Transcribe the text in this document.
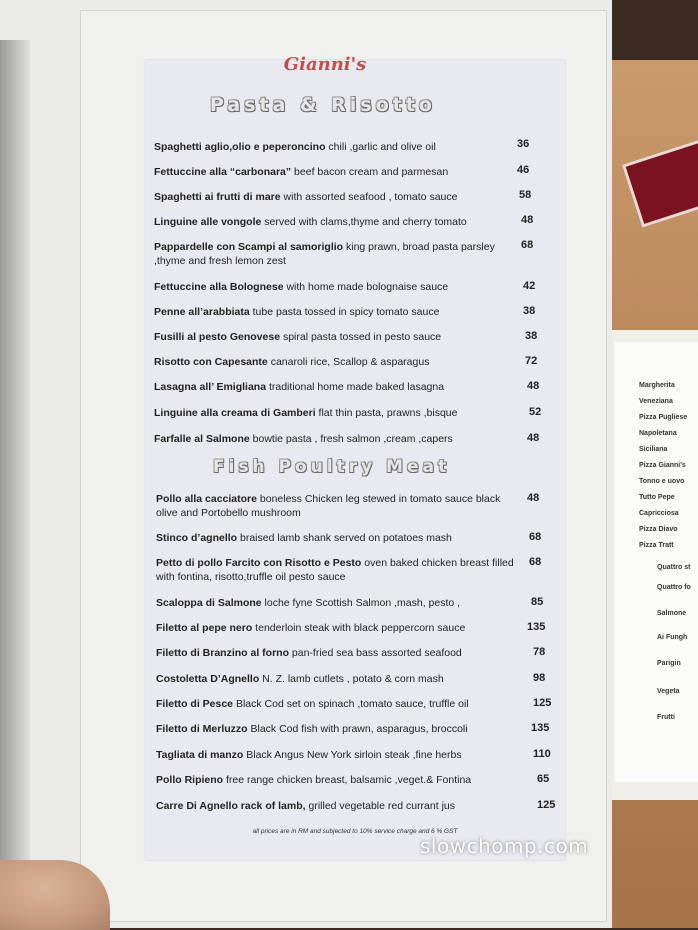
Margherita
Veneziana
Pizza Pugliese
Napoletana
Siciliana
Pizza Gianni's
Tonno e uovo
Tutto Pepe
Capricciosa
Pizza Diavo
Pizza Tratt
Quattro st
Quattro fo
Salmone
Ai Fungh
Parigin
Vegeta
Frutti
Gianni's
Pasta & Risotto
Spaghetti aglio,olio e peperoncino chili ,garlic and olive oil	36
Fettuccine alla “carbonara” beef bacon cream and parmesan	46
Spaghetti ai frutti di mare with assorted seafood , tomato sauce	58
Linguine alle vongole served with clams,thyme and cherry tomato	48
Pappardelle con Scampi al samoriglio king prawn, broad pasta parsley ,thyme and fresh lemon zest
68
Fettuccine alla Bolognese with home made bolognaise sauce	42
Penne all’arabbiata tube pasta tossed in spicy tomato sauce	38
Fusilli al pesto Genovese spiral pasta tossed in pesto sauce	38
Risotto con Capesante canaroli rice, Scallop & asparagus	72
Lasagna all’ Emigliana traditional home made baked lasagna	48
Linguine alla creama di Gamberi flat thin pasta, prawns ,bisque	52
Farfalle al Salmone bowtie pasta , fresh salmon ,cream ,capers	48
Fish Poultry Meat
Pollo alla cacciatore boneless Chicken leg stewed in tomato sauce black olive and Portobello mushroom
48
Stinco d’agnello braised lamb shank served on potatoes mash	68
Petto di pollo Farcito con Risotto e Pesto oven baked chicken breast filled with fontina, risotto,truffle oil pesto sauce
68
Scaloppa di Salmone loche fyne Scottish Salmon ,mash, pesto ,	85
Filetto al pepe nero tenderloin steak with black peppercorn sauce	135
Filetto di Branzino al forno pan-fried sea bass assorted seafood	78
Costoletta D’Agnello N. Z. lamb cutlets , potato & corn mash	98
Filetto di Pesce Black Cod set on spinach ,tomato sauce, truffle oil	125
Filetto di Merluzzo Black Cod fish with prawn, asparagus, broccoli	135
Tagliata di manzo Black Angus New York sirloin steak ,fine herbs	110
Pollo Ripieno free range chicken breast, balsamic ,veget.& Fontina	65
Carre Di Agnello rack of lamb, grilled vegetable red currant jus	125
all prices are in RM and subjected to 10% service charge and 6 % GST
slowchomp.com
